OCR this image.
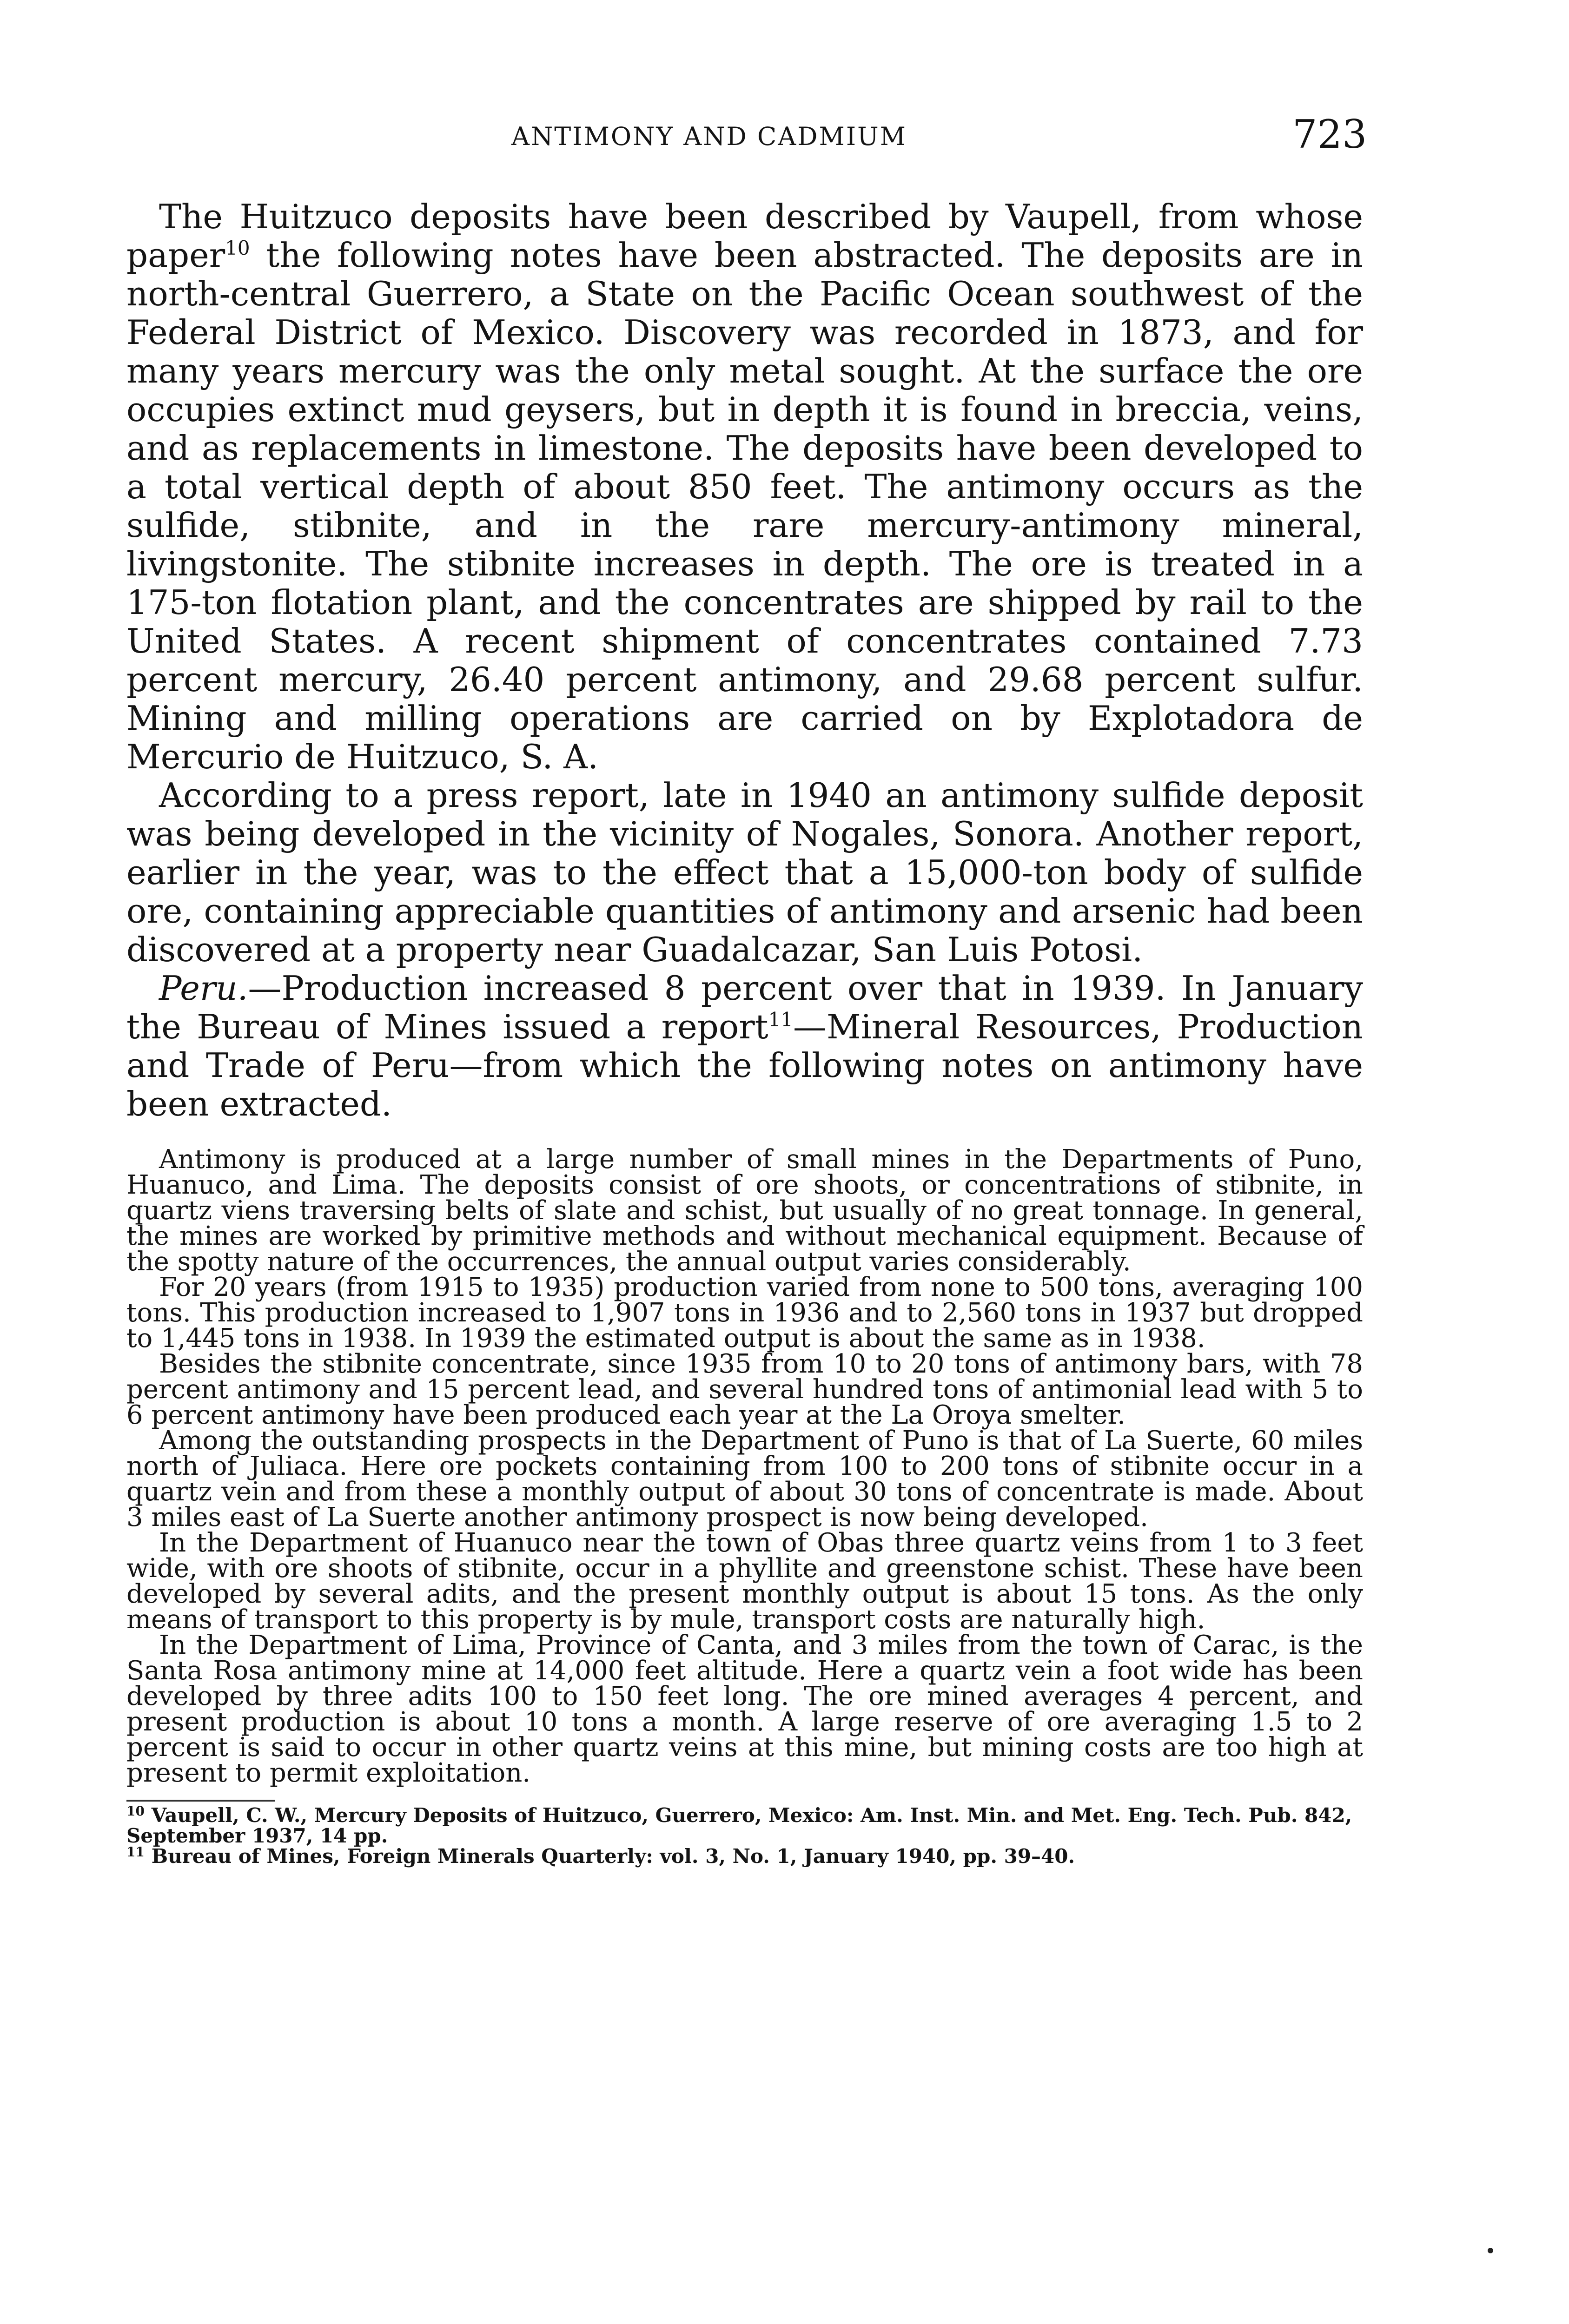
ANTIMONY AND CADMIUM	723

The Huitzuco deposits have been described by Vaupell, from whose paper$^{10}$ the following notes have been abstracted. The deposits are in north-central Guerrero, a State on the Pacific Ocean southwest of the Federal District of Mexico. Discovery was recorded in 1873, and for many years mercury was the only metal sought. At the surface the ore occupies extinct mud geysers, but in depth it is found in breccia, veins, and as replacements in limestone. The deposits have been developed to a total vertical depth of about 850 feet. The antimony occurs as the sulfide, stibnite, and in the rare mercury-antimony mineral, livingstonite. The stibnite increases in depth. The ore is treated in a 175-ton flotation plant, and the concentrates are shipped by rail to the United States. A recent shipment of concentrates contained 7.73 percent mercury, 26.40 percent antimony, and 29.68 percent sulfur. Mining and milling operations are carried on by Explotadora de Mercurio de Huitzuco, S. A.

According to a press report, late in 1940 an antimony sulfide deposit was being developed in the vicinity of Nogales, Sonora. Another report, earlier in the year, was to the effect that a 15,000-ton body of sulfide ore, containing appreciable quantities of antimony and arsenic had been discovered at a property near Guadalcazar, San Luis Potosi.

Peru.—Production increased 8 percent over that in 1939. In January the Bureau of Mines issued a report$^{11}$—Mineral Resources, Production and Trade of Peru—from which the following notes on antimony have been extracted.

Antimony is produced at a large number of small mines in the Departments of Puno, Huanuco, and Lima. The deposits consist of ore shoots, or concentrations of stibnite, in quartz viens traversing belts of slate and schist, but usually of no great tonnage. In general, the mines are worked by primitive methods and without mechanical equipment. Because of the spotty nature of the occurrences, the annual output varies considerably.

For 20 years (from 1915 to 1935) production varied from none to 500 tons, averaging 100 tons. This production increased to 1,907 tons in 1936 and to 2,560 tons in 1937 but dropped to 1,445 tons in 1938. In 1939 the estimated output is about the same as in 1938.

Besides the stibnite concentrate, since 1935 from 10 to 20 tons of antimony bars, with 78 percent antimony and 15 percent lead, and several hundred tons of antimonial lead with 5 to 6 percent antimony have been produced each year at the La Oroya smelter.

Among the outstanding prospects in the Department of Puno is that of La Suerte, 60 miles north of Juliaca. Here ore pockets containing from 100 to 200 tons of stibnite occur in a quartz vein and from these a monthly output of about 30 tons of concentrate is made. About 3 miles east of La Suerte another antimony prospect is now being developed.

In the Department of Huanuco near the town of Obas three quartz veins from 1 to 3 feet wide, with ore shoots of stibnite, occur in a phyllite and greenstone schist. These have been developed by several adits, and the present monthly output is about 15 tons. As the only means of transport to this property is by mule, transport costs are naturally high.

In the Department of Lima, Province of Canta, and 3 miles from the town of Carac, is the Santa Rosa antimony mine at 14,000 feet altitude. Here a quartz vein a foot wide has been developed by three adits 100 to 150 feet long. The ore mined averages 4 percent, and present production is about 10 tons a month. A large reserve of ore averaging 1.5 to 2 percent is said to occur in other quartz veins at this mine, but mining costs are too high at present to permit exploitation.

$^{10}$ Vaupell, C. W., Mercury Deposits of Huitzuco, Guerrero, Mexico: Am. Inst. Min. and Met. Eng. Tech. Pub. 842, September 1937, 14 pp.

$^{11}$ Bureau of Mines, Foreign Minerals Quarterly: vol. 3, No. 1, January 1940, pp. 39–40.
